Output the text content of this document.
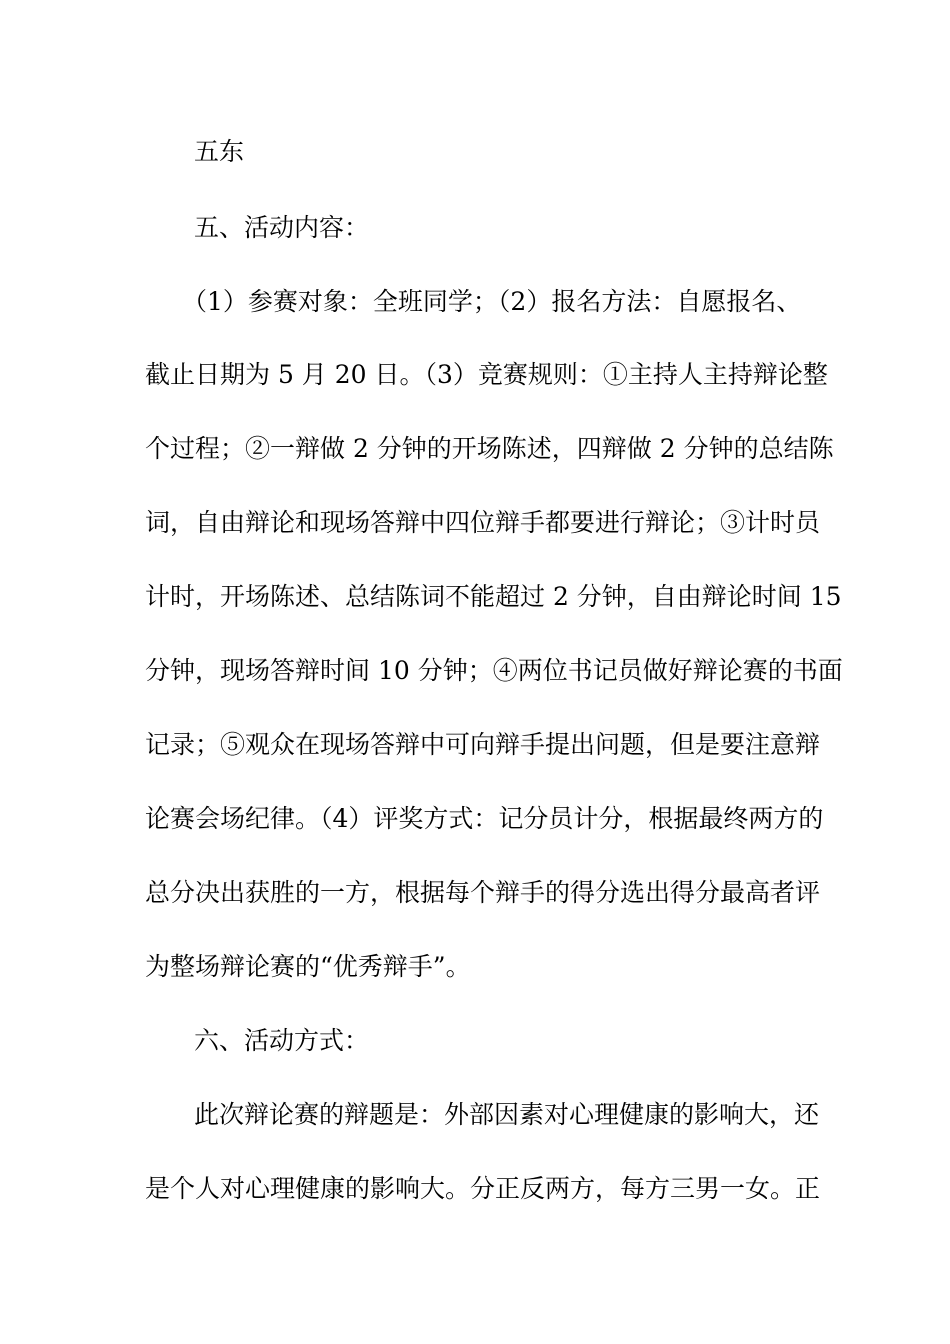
五东
五、活动内容：
（1）参赛对象：全班同学；（2）报名方法：自愿报名、
截止日期为 5 月 20 日。（3）竞赛规则：①主持人主持辩论整
个过程；②一辩做 2 分钟的开场陈述，四辩做 2 分钟的总结陈
词，自由辩论和现场答辩中四位辩手都要进行辩论；③计时员
计时，开场陈述、总结陈词不能超过 2 分钟，自由辩论时间 15
分钟，现场答辩时间 10 分钟；④两位书记员做好辩论赛的书面
记录；⑤观众在现场答辩中可向辩手提出问题，但是要注意辩
论赛会场纪律。（4）评奖方式：记分员计分，根据最终两方的
总分决出获胜的一方，根据每个辩手的得分选出得分最高者评
为整场辩论赛的“优秀辩手”。
六、活动方式：
此次辩论赛的辩题是：外部因素对心理健康的影响大，还
是个人对心理健康的影响大。分正反两方，每方三男一女。正
